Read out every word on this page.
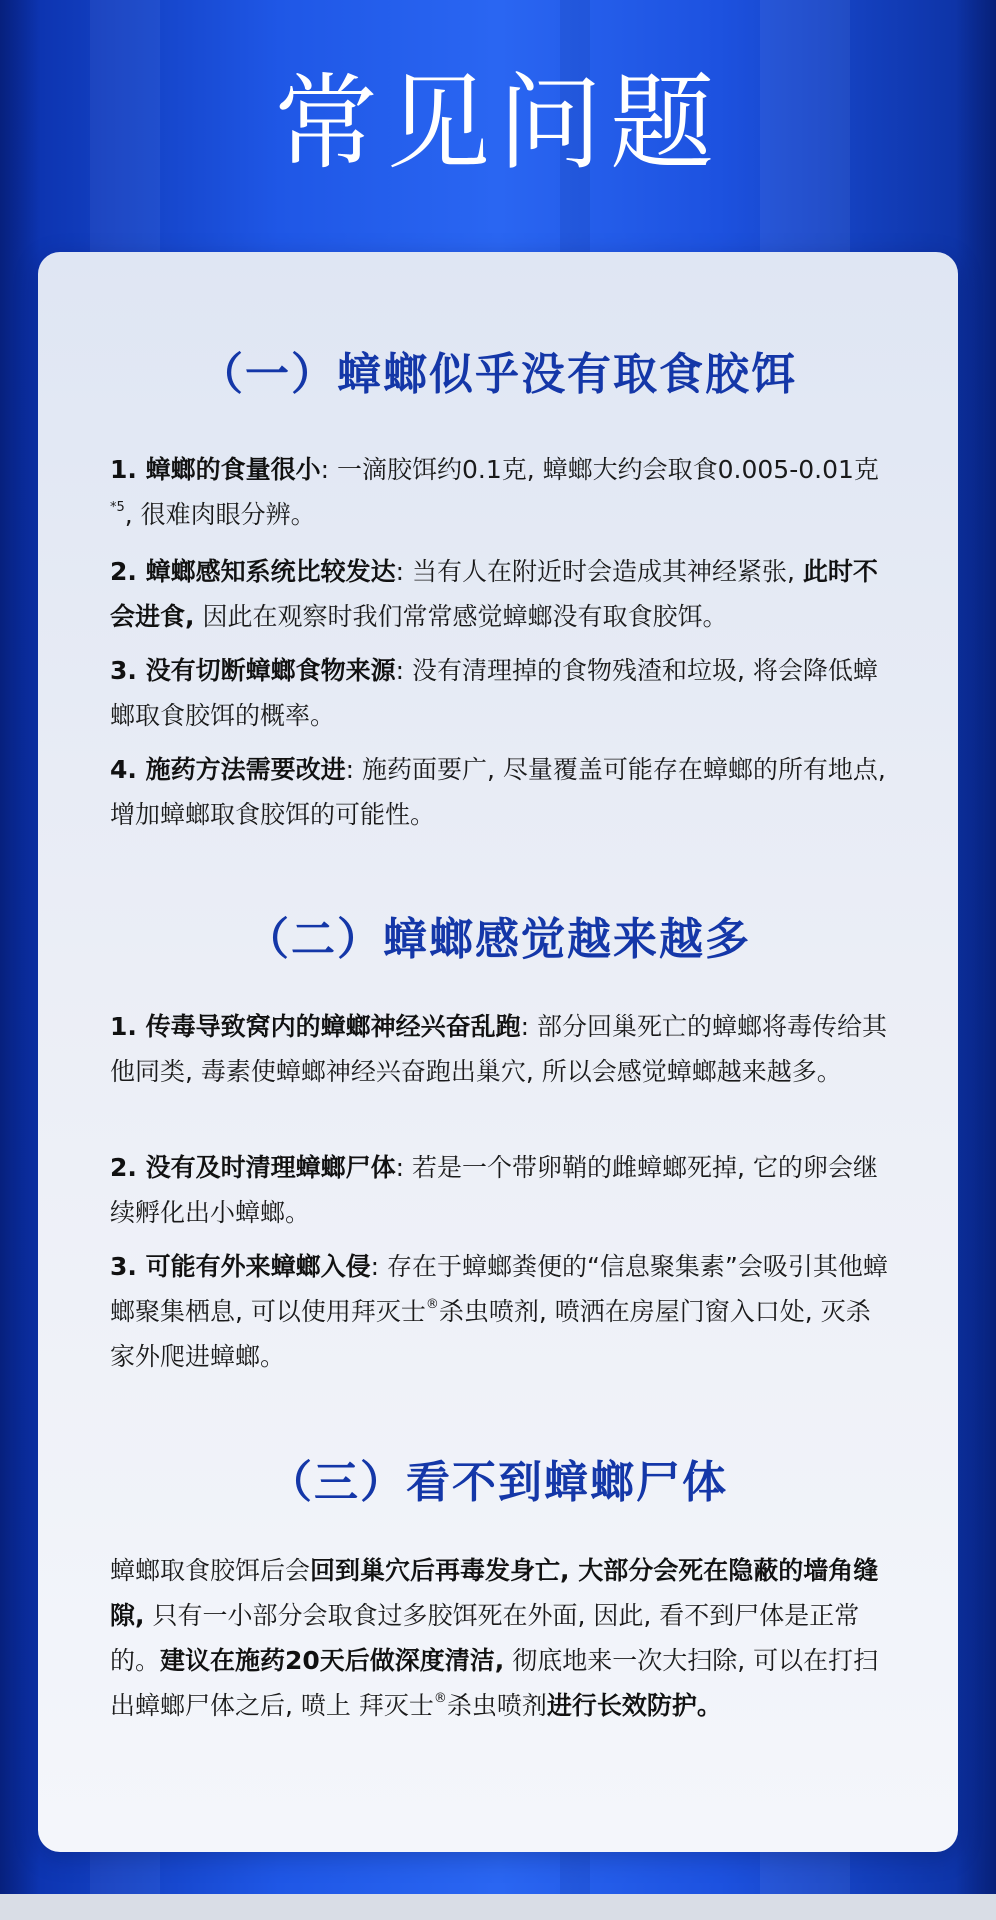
常见问题
（一）蟑螂似乎没有取食胶饵
1. 蟑螂的食量很小: 一滴胶饵约0.1克, 蟑螂大约会取食0.005-0.01克$^{*5}$, 很难肉眼分辨。
2. 蟑螂感知系统比较发达: 当有人在附近时会造成其神经紧张, 此时不会进食, 因此在观察时我们常常感觉蟑螂没有取食胶饵。
3. 没有切断蟑螂食物来源: 没有清理掉的食物残渣和垃圾, 将会降低蟑螂取食胶饵的概率。
4. 施药方法需要改进: 施药面要广, 尽量覆盖可能存在蟑螂的所有地点, 增加蟑螂取食胶饵的可能性。
（二）蟑螂感觉越来越多
1. 传毒导致窝内的蟑螂神经兴奋乱跑: 部分回巢死亡的蟑螂将毒传给其他同类, 毒素使蟑螂神经兴奋跑出巢穴, 所以会感觉蟑螂越来越多。
2. 没有及时清理蟑螂尸体: 若是一个带卵鞘的雌蟑螂死掉, 它的卵会继续孵化出小蟑螂。
3. 可能有外来蟑螂入侵: 存在于蟑螂粪便的“信息聚集素”会吸引其他蟑螂聚集栖息, 可以使用拜灭士®杀虫喷剂, 喷洒在房屋门窗入口处, 灭杀家外爬进蟑螂。
（三）看不到蟑螂尸体
蟑螂取食胶饵后会回到巢穴后再毒发身亡, 大部分会死在隐蔽的墙角缝隙, 只有一小部分会取食过多胶饵死在外面, 因此, 看不到尸体是正常的。建议在施药20天后做深度清洁, 彻底地来一次大扫除, 可以在打扫出蟑螂尸体之后, 喷上 拜灭士®杀虫喷剂进行长效防护。
